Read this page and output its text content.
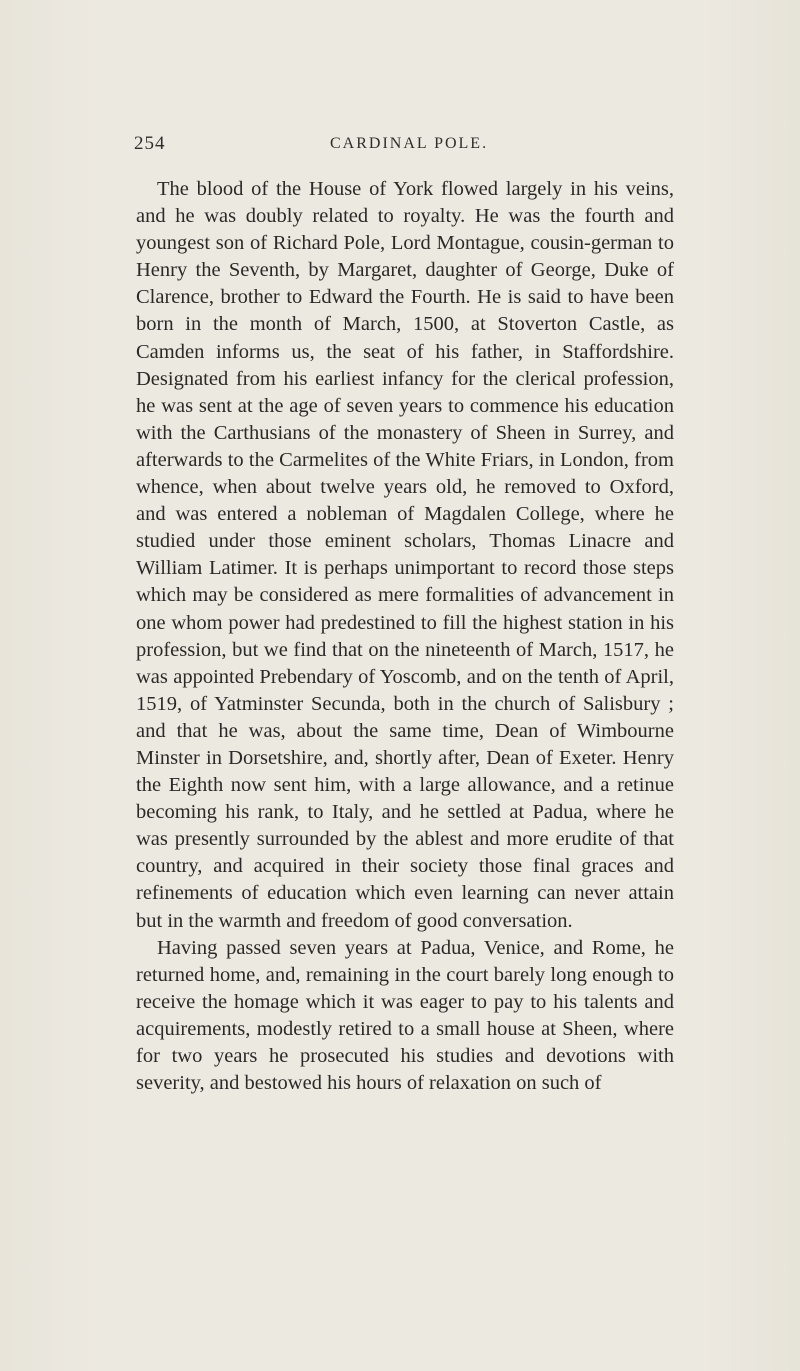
254	CARDINAL POLE.

The blood of the House of York flowed largely in his veins, and he was doubly related to royalty. He was the fourth and youngest son of Richard Pole, Lord Montague, cousin-german to Henry the Seventh, by Margaret, daughter of George, Duke of Clarence, brother to Edward the Fourth. He is said to have been born in the month of March, 1500, at Stoverton Castle, as Camden informs us, the seat of his father, in Staffordshire. Designated from his earliest infancy for the clerical profession, he was sent at the age of seven years to commence his education with the Carthusians of the monastery of Sheen in Surrey, and afterwards to the Carmelites of the White Friars, in London, from whence, when about twelve years old, he removed to Oxford, and was entered a nobleman of Magdalen College, where he studied under those eminent scholars, Thomas Linacre and William Latimer. It is perhaps unimportant to record those steps which may be considered as mere formalities of advancement in one whom power had predestined to fill the highest station in his profession, but we find that on the nineteenth of March, 1517, he was appointed Prebendary of Yoscomb, and on the tenth of April, 1519, of Yatminster Secunda, both in the church of Salisbury ; and that he was, about the same time, Dean of Wimbourne Minster in Dorsetshire, and, shortly after, Dean of Exeter. Henry the Eighth now sent him, with a large allowance, and a retinue becoming his rank, to Italy, and he settled at Padua, where he was presently surrounded by the ablest and more erudite of that country, and acquired in their society those final graces and refinements of education which even learning can never attain but in the warmth and freedom of good conversation.

Having passed seven years at Padua, Venice, and Rome, he returned home, and, remaining in the court barely long enough to receive the homage which it was eager to pay to his talents and acquirements, modestly retired to a small house at Sheen, where for two years he prosecuted his studies and devotions with severity, and bestowed his hours of relaxation on such of
